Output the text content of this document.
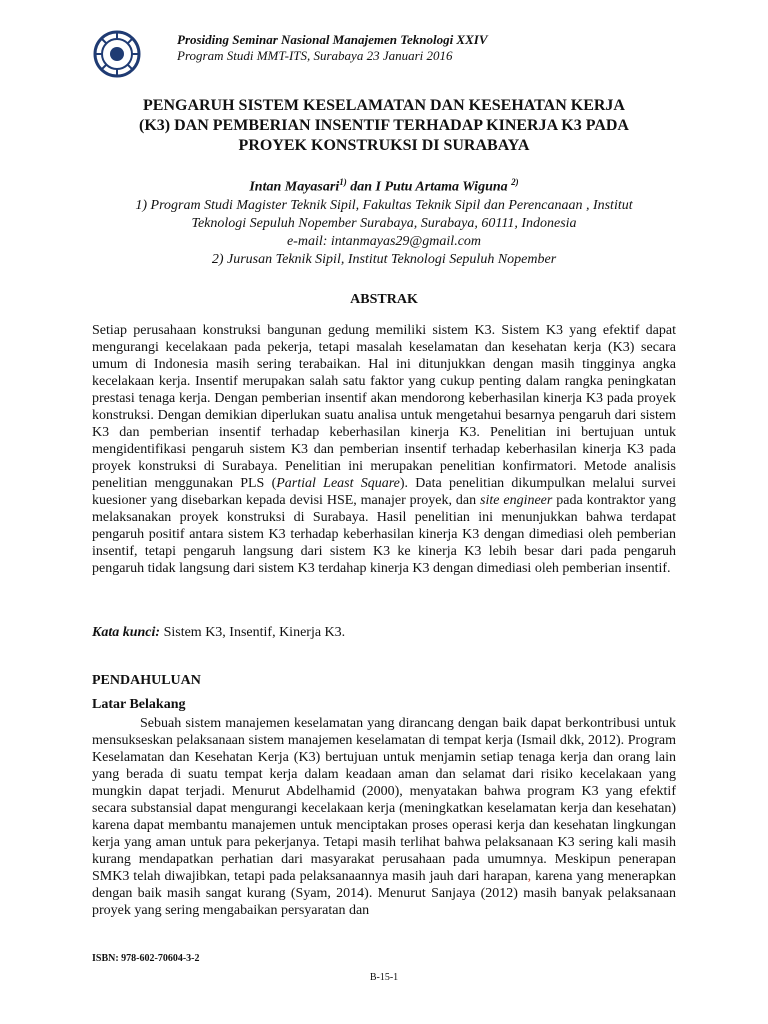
Prosiding Seminar Nasional Manajemen Teknologi XXIV
Program Studi MMT-ITS, Surabaya 23 Januari 2016
PENGARUH SISTEM KESELAMATAN DAN KESEHATAN KERJA
(K3) DAN PEMBERIAN INSENTIF TERHADAP KINERJA K3 PADA
PROYEK KONSTRUKSI DI SURABAYA
Intan Mayasari$^{1)}$ dan I Putu Artama Wiguna $^{2)}$
1) Program Studi Magister Teknik Sipil, Fakultas Teknik Sipil dan Perencanaan , Institut
Teknologi Sepuluh Nopember Surabaya, Surabaya, 60111, Indonesia
e-mail: intanmayas29@gmail.com
2) Jurusan Teknik Sipil, Institut Teknologi Sepuluh Nopember
ABSTRAK

Setiap perusahaan konstruksi bangunan gedung memiliki sistem K3. Sistem K3 yang efektif dapat mengurangi kecelakaan pada pekerja, tetapi masalah keselamatan dan kesehatan kerja (K3) secara umum di Indonesia masih sering terabaikan. Hal ini ditunjukkan dengan masih tingginya angka kecelakaan kerja. Insentif merupakan salah satu faktor yang cukup penting dalam rangka peningkatan prestasi tenaga kerja. Dengan pemberian insentif akan mendorong keberhasilan kinerja K3 pada proyek konstruksi. Dengan demikian diperlukan suatu analisa untuk mengetahui besarnya pengaruh dari sistem K3 dan pemberian insentif terhadap keberhasilan kinerja K3. Penelitian ini bertujuan untuk mengidentifikasi pengaruh sistem K3 dan pemberian insentif terhadap keberhasilan kinerja K3 pada proyek konstruksi di Surabaya. Penelitian ini merupakan penelitian konfirmatori. Metode analisis penelitian menggunakan PLS (Partial Least Square). Data penelitian dikumpulkan melalui survei kuesioner yang disebarkan kepada devisi HSE, manajer proyek, dan site engineer pada kontraktor yang melaksanakan proyek konstruksi di Surabaya. Hasil penelitian ini menunjukkan bahwa terdapat pengaruh positif antara sistem K3 terhadap keberhasilan kinerja K3 dengan dimediasi oleh pemberian insentif, tetapi pengaruh langsung dari sistem K3 ke kinerja K3 lebih besar dari pada pengaruh pengaruh tidak langsung dari sistem K3 terdahap kinerja K3 dengan dimediasi oleh pemberian insentif.

Kata kunci: Sistem K3, Insentif, Kinerja K3.

PENDAHULUAN
Latar Belakang

Sebuah sistem manajemen keselamatan yang dirancang dengan baik dapat berkontribusi untuk mensukseskan pelaksanaan sistem manajemen keselamatan di tempat kerja (Ismail dkk, 2012). Program Keselamatan dan Kesehatan Kerja (K3) bertujuan untuk menjamin setiap tenaga kerja dan orang lain yang berada di suatu tempat kerja dalam keadaan aman dan selamat dari risiko kecelakaan yang mungkin dapat terjadi. Menurut Abdelhamid (2000), menyatakan bahwa program K3 yang efektif secara substansial dapat mengurangi kecelakaan kerja (meningkatkan keselamatan kerja dan kesehatan) karena dapat membantu manajemen untuk menciptakan proses operasi kerja dan kesehatan lingkungan kerja yang aman untuk para pekerjanya. Tetapi masih terlihat bahwa pelaksanaan K3 sering kali masih kurang mendapatkan perhatian dari masyarakat perusahaan pada umumnya. Meskipun penerapan SMK3 telah diwajibkan, tetapi pada pelaksanaannya masih jauh dari harapan, karena yang menerapkan dengan baik masih sangat kurang (Syam, 2014). Menurut Sanjaya (2012) masih banyak pelaksanaan proyek yang sering mengabaikan persyaratan dan

ISBN: 978-602-70604-3-2
B-15-1
